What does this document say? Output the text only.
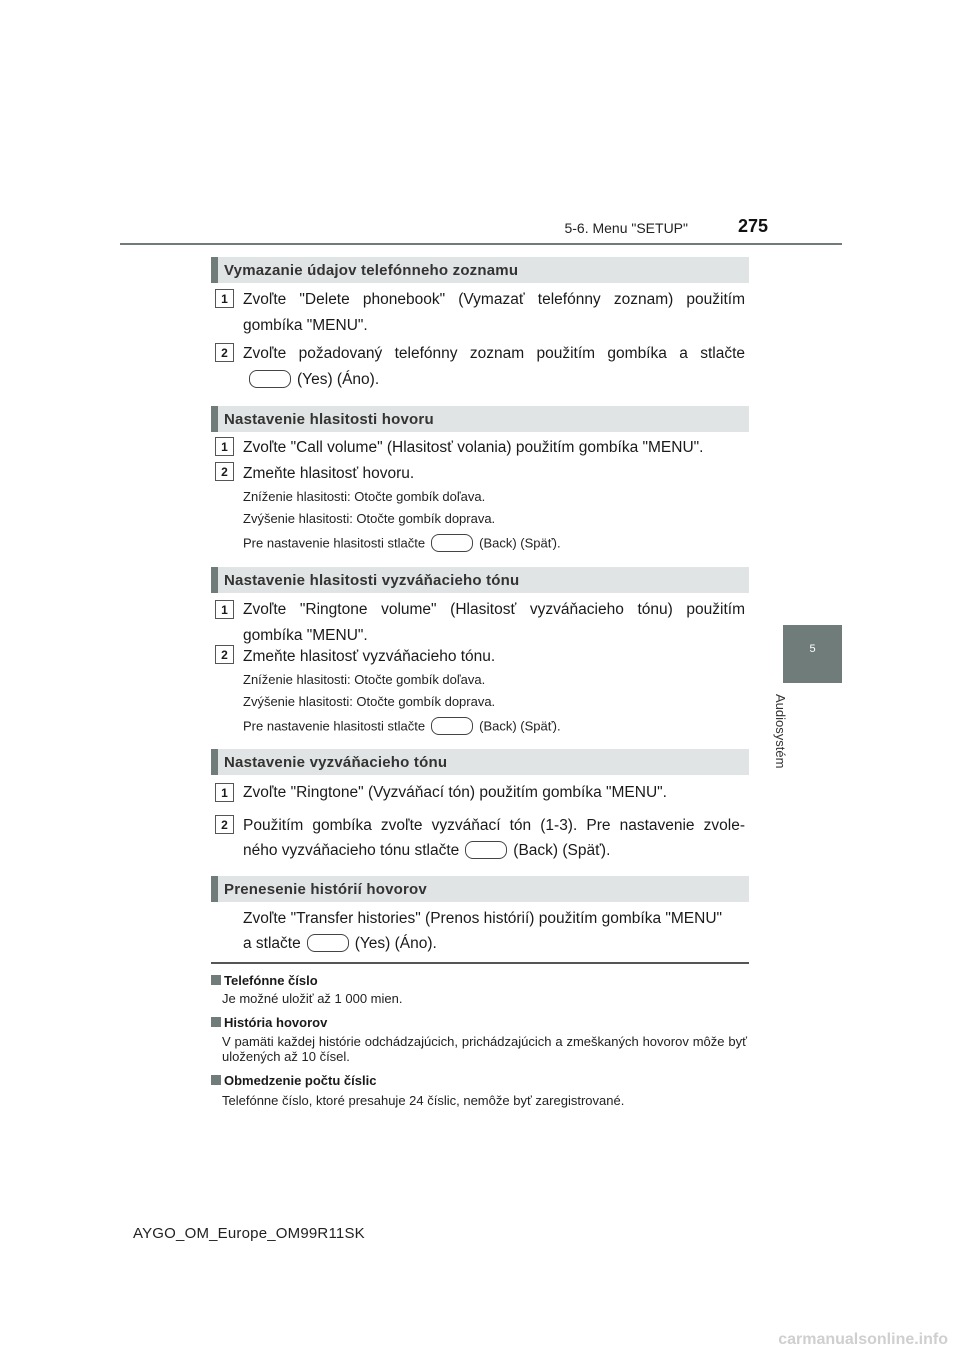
5-6. Menu "SETUP"	275
5
Audiosystém
Vymazanie údajov telefónneho zoznamu
1 Zvoľte "Delete phonebook" (Vymazať telefónny zoznam) použitím gombíka "MENU".
2 Zvoľte požadovaný telefónny zoznam použitím gombíka a stlačte
(Yes) (Áno).
Nastavenie hlasitosti hovoru
1 Zvoľte "Call volume" (Hlasitosť volania) použitím gombíka "MENU".
2 Zmeňte hlasitosť hovoru.
Zníženie hlasitosti: Otočte gombík doľava.
Zvýšenie hlasitosti: Otočte gombík doprava.
Pre nastavenie hlasitosti stlačte	(Back) (Späť).
Nastavenie hlasitosti vyzváňacieho tónu
1 Zvoľte "Ringtone volume" (Hlasitosť vyzváňacieho tónu) použitím gombíka "MENU".
2 Zmeňte hlasitosť vyzváňacieho tónu.
Zníženie hlasitosti: Otočte gombík doľava.
Zvýšenie hlasitosti: Otočte gombík doprava.
Pre nastavenie hlasitosti stlačte	(Back) (Späť).
Nastavenie vyzváňacieho tónu
1 Zvoľte "Ringtone" (Vyzváňací tón) použitím gombíka "MENU".
2 Použitím gombíka zvoľte vyzváňací tón (1-3). Pre nastavenie zvole-
ného vyzváňacieho tónu stlačte	(Back) (Späť).
Prenesenie histórií hovorov
Zvoľte "Transfer histories" (Prenos histórií) použitím gombíka "MENU"
a stlačte	(Yes) (Áno).
Telefónne číslo
Je možné uložiť až 1 000 mien.
História hovorov
V pamäti každej histórie odchádzajúcich, prichádzajúcich a zmeškaných hovorov môže byť uložených až 10 čísel.
Obmedzenie počtu číslic
Telefónne číslo, ktoré presahuje 24 číslic, nemôže byť zaregistrované.
AYGO_OM_Europe_OM99R11SK
carmanualsonline.info
